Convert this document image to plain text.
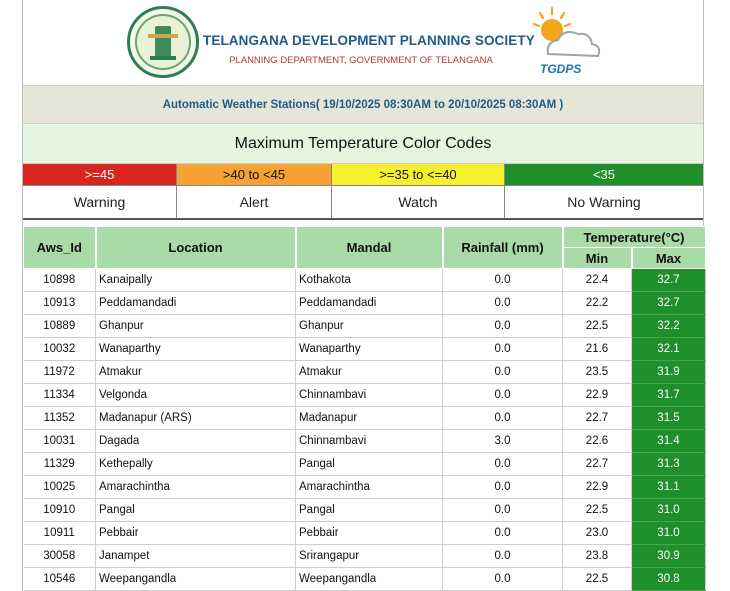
TELANGANA DEVELOPMENT PLANNING SOCIETY
PLANNING DEPARTMENT, GOVERNMENT OF TELANGANA
TGDPS
Automatic Weather Stations( 19/10/2025 08:30AM to 20/10/2025 08:30AM )
Maximum Temperature Color Codes
>=45	>40 to <45	>=35 to <=40	<35
Warning	Alert	Watch	No Warning
Aws_Id	Location	Mandal	Rainfall (mm)	Temperature(°C)	
				Min	Max
10898	Kanaipally	Kothakota	0.0	22.4	32.7
10913	Peddamandadi	Peddamandadi	0.0	22.2	32.7
10889	Ghanpur	Ghanpur	0.0	22.5	32.2
10032	Wanaparthy	Wanaparthy	0.0	21.6	32.1
11972	Atmakur	Atmakur	0.0	23.5	31.9
11334	Velgonda	Chinnambavi	0.0	22.9	31.7
11352	Madanapur (ARS)	Madanapur	0.0	22.7	31.5
10031	Dagada	Chinnambavi	3.0	22.6	31.4
11329	Kethepally	Pangal	0.0	22.7	31.3
10025	Amarachintha	Amarachintha	0.0	22.9	31.1
10910	Pangal	Pangal	0.0	22.5	31.0
10911	Pebbair	Pebbair	0.0	23.0	31.0
30058	Janampet	Srirangapur	0.0	23.8	30.9
10546	Weepangandla	Weepangandla	0.0	22.5	30.8
